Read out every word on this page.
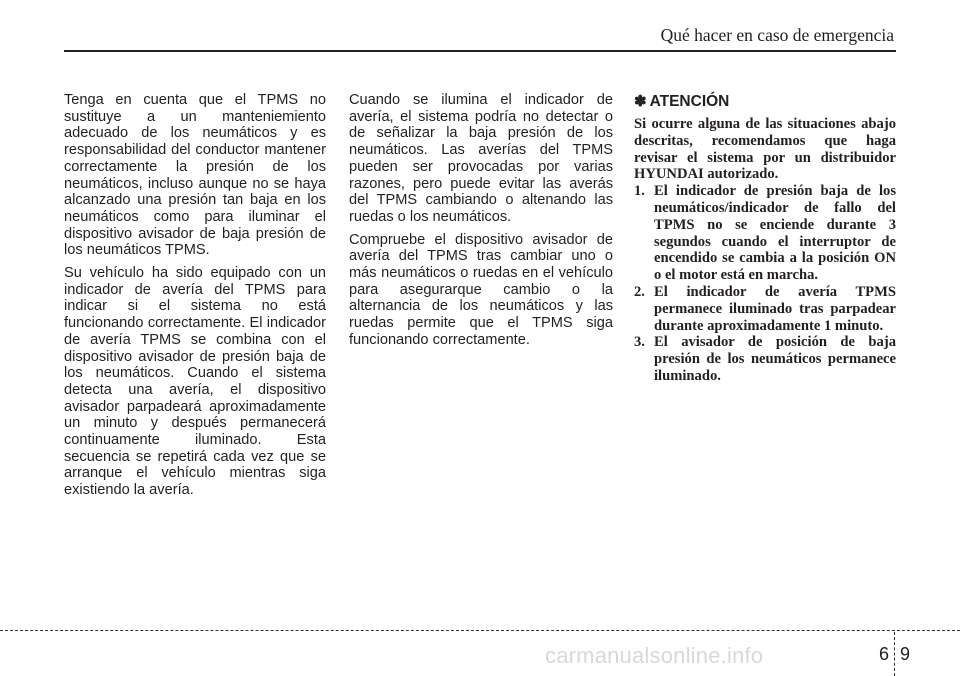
Qué hacer en caso de emergencia

Tenga en cuenta que el TPMS no sustituye a un manteniemiento adecuado de los neumáticos y es responsabilidad del conductor mantener correctamente la presión de los neumáticos, incluso aunque no se haya alcanzado una presión tan baja en los neumáticos como para iluminar el dispositivo avisador de baja presión de los neumáticos TPMS.

Su vehículo ha sido equipado con un indicador de avería del TPMS para indicar si el sistema no está funcionando correctamente. El indicador de avería TPMS se combina con el dispositivo avisador de presión baja de los neumáticos. Cuando el sistema detecta una avería, el dispositivo avisador parpadeará aproximadamente un minuto y después permanecerá continuamente iluminado. Esta secuencia se repetirá cada vez que se arranque el vehículo mientras siga existiendo la avería.

Cuando se ilumina el indicador de avería, el sistema podría no detectar o de señalizar la baja presión de los neumáticos. Las averías del TPMS pueden ser provocadas por varias razones, pero puede evitar las averás del TPMS cambiando o altenando las ruedas o los neumáticos.

Compruebe el dispositivo avisador de avería del TPMS tras cambiar uno o más neumáticos o ruedas en el vehículo para asegurarque cambio o la alternancia de los neumáticos y las ruedas permite que el TPMS siga funcionando correctamente.

✽ ATENCIÓN

Si ocurre alguna de las situaciones abajo descritas, recomendamos que haga revisar el sistema por un distribuidor HYUNDAI autorizado.

1. El indicador de presión baja de los neumáticos/indicador de fallo del TPMS no se enciende durante 3 segundos cuando el interruptor de encendido se cambia a la posición ON o el motor está en marcha.
2. El indicador de avería TPMS permanece iluminado tras parpadear durante aproximadamente 1 minuto.
3. El avisador de posición de baja presión de los neumáticos permanece iluminado.
6 9
carmanualsonline.info
